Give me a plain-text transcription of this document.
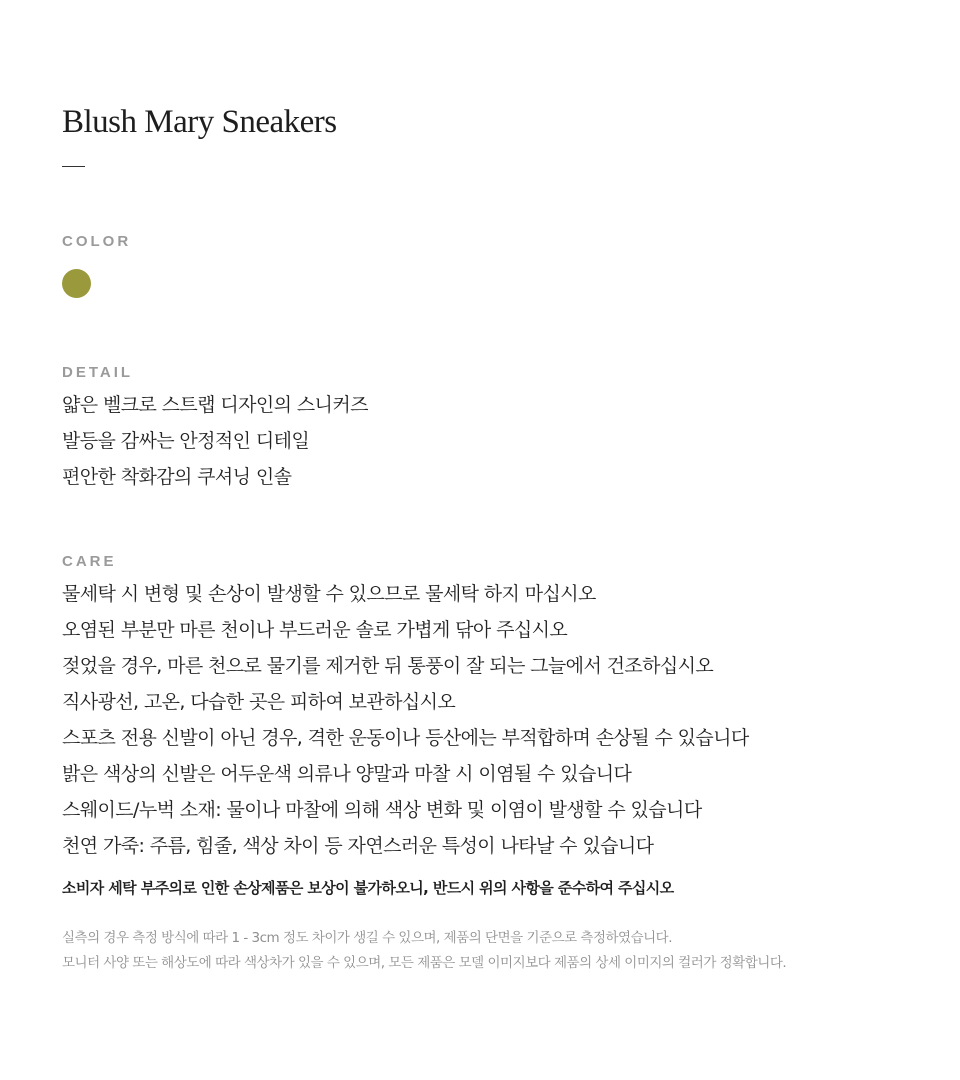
Blush Mary Sneakers
COLOR
DETAIL
얇은 벨크로 스트랩 디자인의 스니커즈
발등을 감싸는 안정적인 디테일
편안한 착화감의 쿠셔닝 인솔
CARE
물세탁 시 변형 및 손상이 발생할 수 있으므로 물세탁 하지 마십시오
오염된 부분만 마른 천이나 부드러운 솔로 가볍게 닦아 주십시오
젖었을 경우, 마른 천으로 물기를 제거한 뒤 통풍이 잘 되는 그늘에서 건조하십시오
직사광선, 고온, 다습한 곳은 피하여 보관하십시오
스포츠 전용 신발이 아닌 경우, 격한 운동이나 등산에는 부적합하며 손상될 수 있습니다
밝은 색상의 신발은 어두운색 의류나 양말과 마찰 시 이염될 수 있습니다
스웨이드/누벅 소재: 물이나 마찰에 의해 색상 변화 및 이염이 발생할 수 있습니다
천연 가죽: 주름, 힘줄, 색상 차이 등 자연스러운 특성이 나타날 수 있습니다
소비자 세탁 부주의로 인한 손상제품은 보상이 불가하오니, 반드시 위의 사항을 준수하여 주십시오
실측의 경우 측정 방식에 따라 1 - 3cm 정도 차이가 생길 수 있으며, 제품의 단면을 기준으로 측정하였습니다.
모니터 사양 또는 해상도에 따라 색상차가 있을 수 있으며, 모든 제품은 모델 이미지보다 제품의 상세 이미지의 컬러가 정확합니다.
